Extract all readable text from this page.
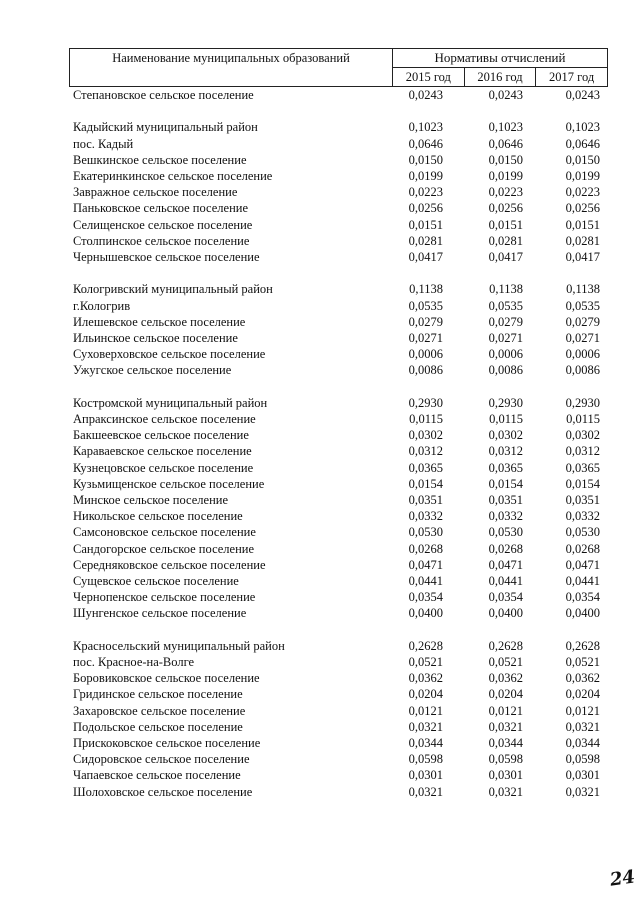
Наименование муниципальных образований	Нормативы отчислений		
	2015 год	2016 год	2017 год
Степановское сельское поселение	0,0243	0,0243	0,0243
Кадыйский муниципальный район	0,1023	0,1023	0,1023
пос. Кадый	0,0646	0,0646	0,0646
Вешкинское сельское поселение	0,0150	0,0150	0,0150
Екатеринкинское сельское поселение	0,0199	0,0199	0,0199
Завражное сельское поселение	0,0223	0,0223	0,0223
Паньковское сельское поселение	0,0256	0,0256	0,0256
Селищенское сельское поселение	0,0151	0,0151	0,0151
Столпинское сельское поселение	0,0281	0,0281	0,0281
Чернышевское сельское поселение	0,0417	0,0417	0,0417
Кологривский муниципальный район	0,1138	0,1138	0,1138
г.Кологрив	0,0535	0,0535	0,0535
Илешевское сельское поселение	0,0279	0,0279	0,0279
Ильинское сельское поселение	0,0271	0,0271	0,0271
Суховерховское сельское поселение	0,0006	0,0006	0,0006
Ужугское сельское поселение	0,0086	0,0086	0,0086
Костромской муниципальный район	0,2930	0,2930	0,2930
Апраксинское сельское поселение	0,0115	0,0115	0,0115
Бакшеевское сельское поселение	0,0302	0,0302	0,0302
Караваевское сельское поселение	0,0312	0,0312	0,0312
Кузнецовское сельское поселение	0,0365	0,0365	0,0365
Кузьмищенское сельское поселение	0,0154	0,0154	0,0154
Минское сельское поселение	0,0351	0,0351	0,0351
Никольское сельское поселение	0,0332	0,0332	0,0332
Самсоновское сельское поселение	0,0530	0,0530	0,0530
Сандогорское сельское поселение	0,0268	0,0268	0,0268
Середняковское сельское поселение	0,0471	0,0471	0,0471
Сущевское сельское поселение	0,0441	0,0441	0,0441
Чернопенское сельское поселение	0,0354	0,0354	0,0354
Шунгенское сельское поселение	0,0400	0,0400	0,0400
Красносельский муниципальный район	0,2628	0,2628	0,2628
пос. Красное-на-Волге	0,0521	0,0521	0,0521
Боровиковское сельское поселение	0,0362	0,0362	0,0362
Гридинское сельское поселение	0,0204	0,0204	0,0204
Захаровское сельское поселение	0,0121	0,0121	0,0121
Подольское сельское поселение	0,0321	0,0321	0,0321
Прискоковское сельское поселение	0,0344	0,0344	0,0344
Сидоровское сельское поселение	0,0598	0,0598	0,0598
Чапаевское сельское поселение	0,0301	0,0301	0,0301
Шолоховское сельское поселение	0,0321	0,0321	0,0321
24
